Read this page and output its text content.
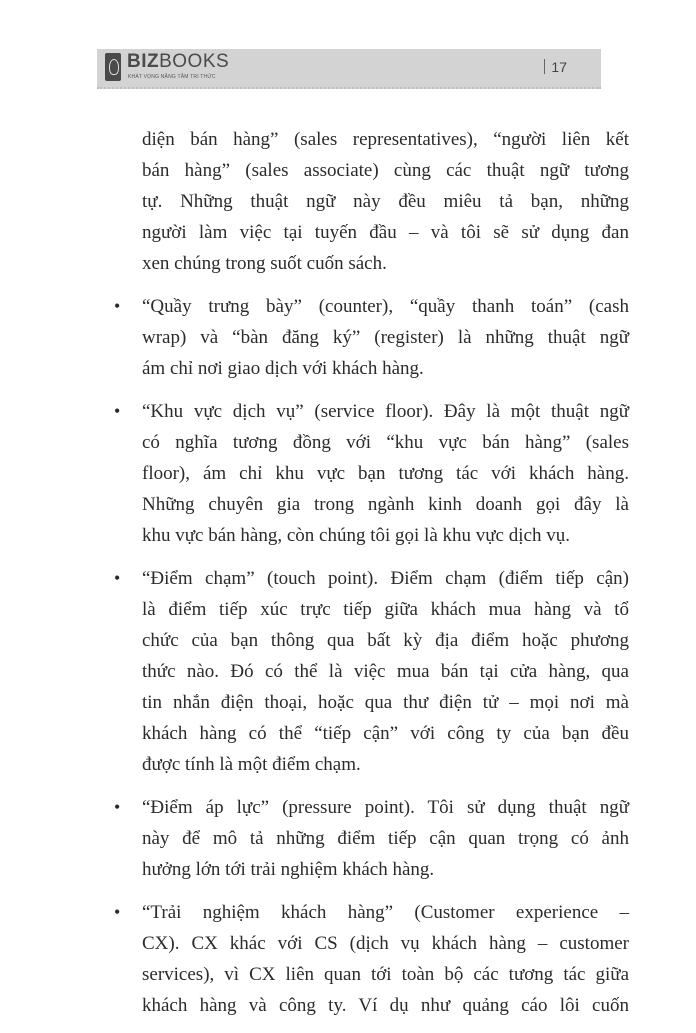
BIZBOOKS
KHÁT VỌNG NÂNG TẦM TRI THỨC
17
diện bán hàng” (sales representatives), “người liên kết
bán hàng” (sales associate) cùng các thuật ngữ tương
tự. Những thuật ngữ này đều miêu tả bạn, những
người làm việc tại tuyến đầu – và tôi sẽ sử dụng đan
xen chúng trong suốt cuốn sách.
• “Quầy trưng bày” (counter), “quầy thanh toán” (cash
wrap) và “bàn đăng ký” (register) là những thuật ngữ
ám chỉ nơi giao dịch với khách hàng.
• “Khu vực dịch vụ” (service floor). Đây là một thuật ngữ
có nghĩa tương đồng với “khu vực bán hàng” (sales
floor), ám chỉ khu vực bạn tương tác với khách hàng.
Những chuyên gia trong ngành kinh doanh gọi đây là
khu vực bán hàng, còn chúng tôi gọi là khu vực dịch vụ.
• “Điểm chạm” (touch point). Điểm chạm (điểm tiếp cận)
là điểm tiếp xúc trực tiếp giữa khách mua hàng và tổ
chức của bạn thông qua bất kỳ địa điểm hoặc phương
thức nào. Đó có thể là việc mua bán tại cửa hàng, qua
tin nhắn điện thoại, hoặc qua thư điện tử – mọi nơi mà
khách hàng có thể “tiếp cận” với công ty của bạn đều
được tính là một điểm chạm.
• “Điểm áp lực” (pressure point). Tôi sử dụng thuật ngữ
này để mô tả những điểm tiếp cận quan trọng có ảnh
hưởng lớn tới trải nghiệm khách hàng.
• “Trải nghiệm khách hàng” (Customer experience –
CX). CX khác với CS (dịch vụ khách hàng – customer
services), vì CX liên quan tới toàn bộ các tương tác giữa
khách hàng và công ty. Ví dụ như quảng cáo lôi cuốn
